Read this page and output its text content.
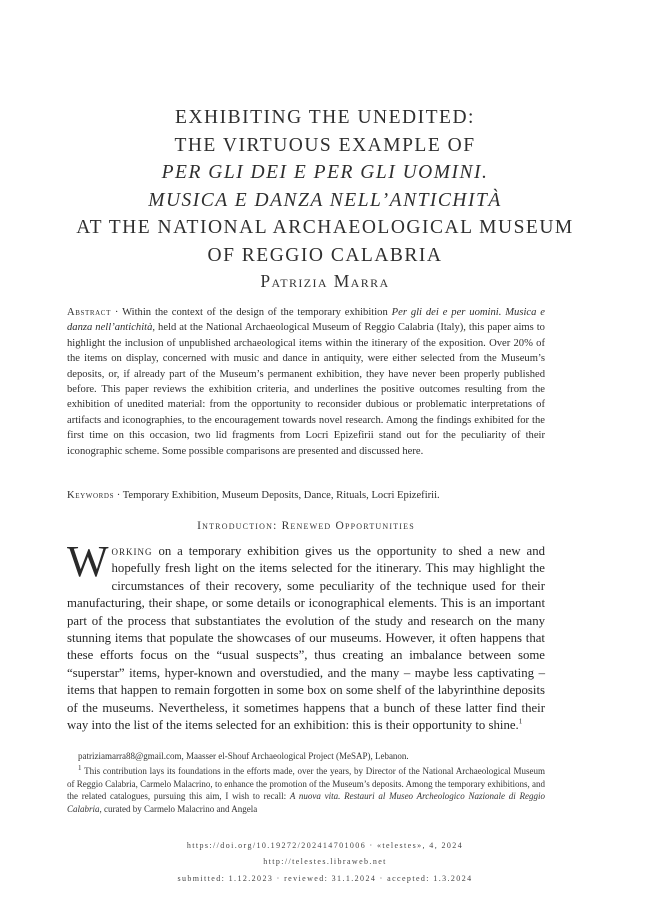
EXHIBITING THE UNEDITED:
THE VIRTUOUS EXAMPLE OF
PER GLI DEI E PER GLI UOMINI.
MUSICA E DANZA NELL’ANTICHITÀ
AT THE NATIONAL ARCHAEOLOGICAL MUSEUM
OF REGGIO CALABRIA
Patrizia Marra
Abstract · Within the context of the design of the temporary exhibition Per gli dei e per uomini. Musica e danza nell’antichità, held at the National Archaeological Museum of Reggio Calabria (Italy), this paper aims to highlight the inclusion of unpublished archaeological items within the itinerary of the exposition. Over 20% of the items on display, concerned with music and dance in antiquity, were either selected from the Museum’s deposits, or, if already part of the Museum’s permanent exhibition, they have never been properly published before. This paper reviews the exhibition criteria, and underlines the positive outcomes resulting from the exhibition of unedited material: from the opportunity to reconsider dubious or problematic interpretations of artifacts and iconographies, to the encouragement towards novel research. Among the findings exhibited for the first time on this occasion, two lid fragments from Locri Epizefirii stand out for the peculiarity of their iconographic scheme. Some possible comparisons are presented and discussed here.
Keywords · Temporary Exhibition, Museum Deposits, Dance, Rituals, Locri Epizefirii.
Introduction: Renewed Opportunities
Working on a temporary exhibition gives us the opportunity to shed a new and hopefully fresh light on the items selected for the itinerary. This may highlight the circumstances of their recovery, some peculiarity of the technique used for their manufacturing, their shape, or some details or iconographical elements. This is an important part of the process that substantiates the evolution of the study and research on the many stunning items that populate the showcases of our museums. However, it often happens that these efforts focus on the “usual suspects”, thus creating an imbalance between some “superstar” items, hyper-known and overstudied, and the many – maybe less captivating – items that happen to remain forgotten in some box on some shelf of the labyrinthine deposits of the museums. Nevertheless, it sometimes happens that a bunch of these latter find their way into the list of the items selected for an exhibition: this is their opportunity to shine.$^1$
patriziamarra88@gmail.com, Maasser el-Shouf Archaeological Project (MeSAP), Lebanon.
$^1$ This contribution lays its foundations in the efforts made, over the years, by Director of the National Archaeological Museum of Reggio Calabria, Carmelo Malacrino, to enhance the promotion of the Museum’s deposits. Among the temporary exhibitions, and the related catalogues, pursuing this aim, I wish to recall: A nuova vita. Restauri al Museo Archeologico Nazionale di Reggio Calabria, curated by Carmelo Malacrino and Angela
https://doi.org/10.19272/202414701006 · «telestes», 4, 2024
http://telestes.libraweb.net
submitted: 1.12.2023 · reviewed: 31.1.2024 · accepted: 1.3.2024
